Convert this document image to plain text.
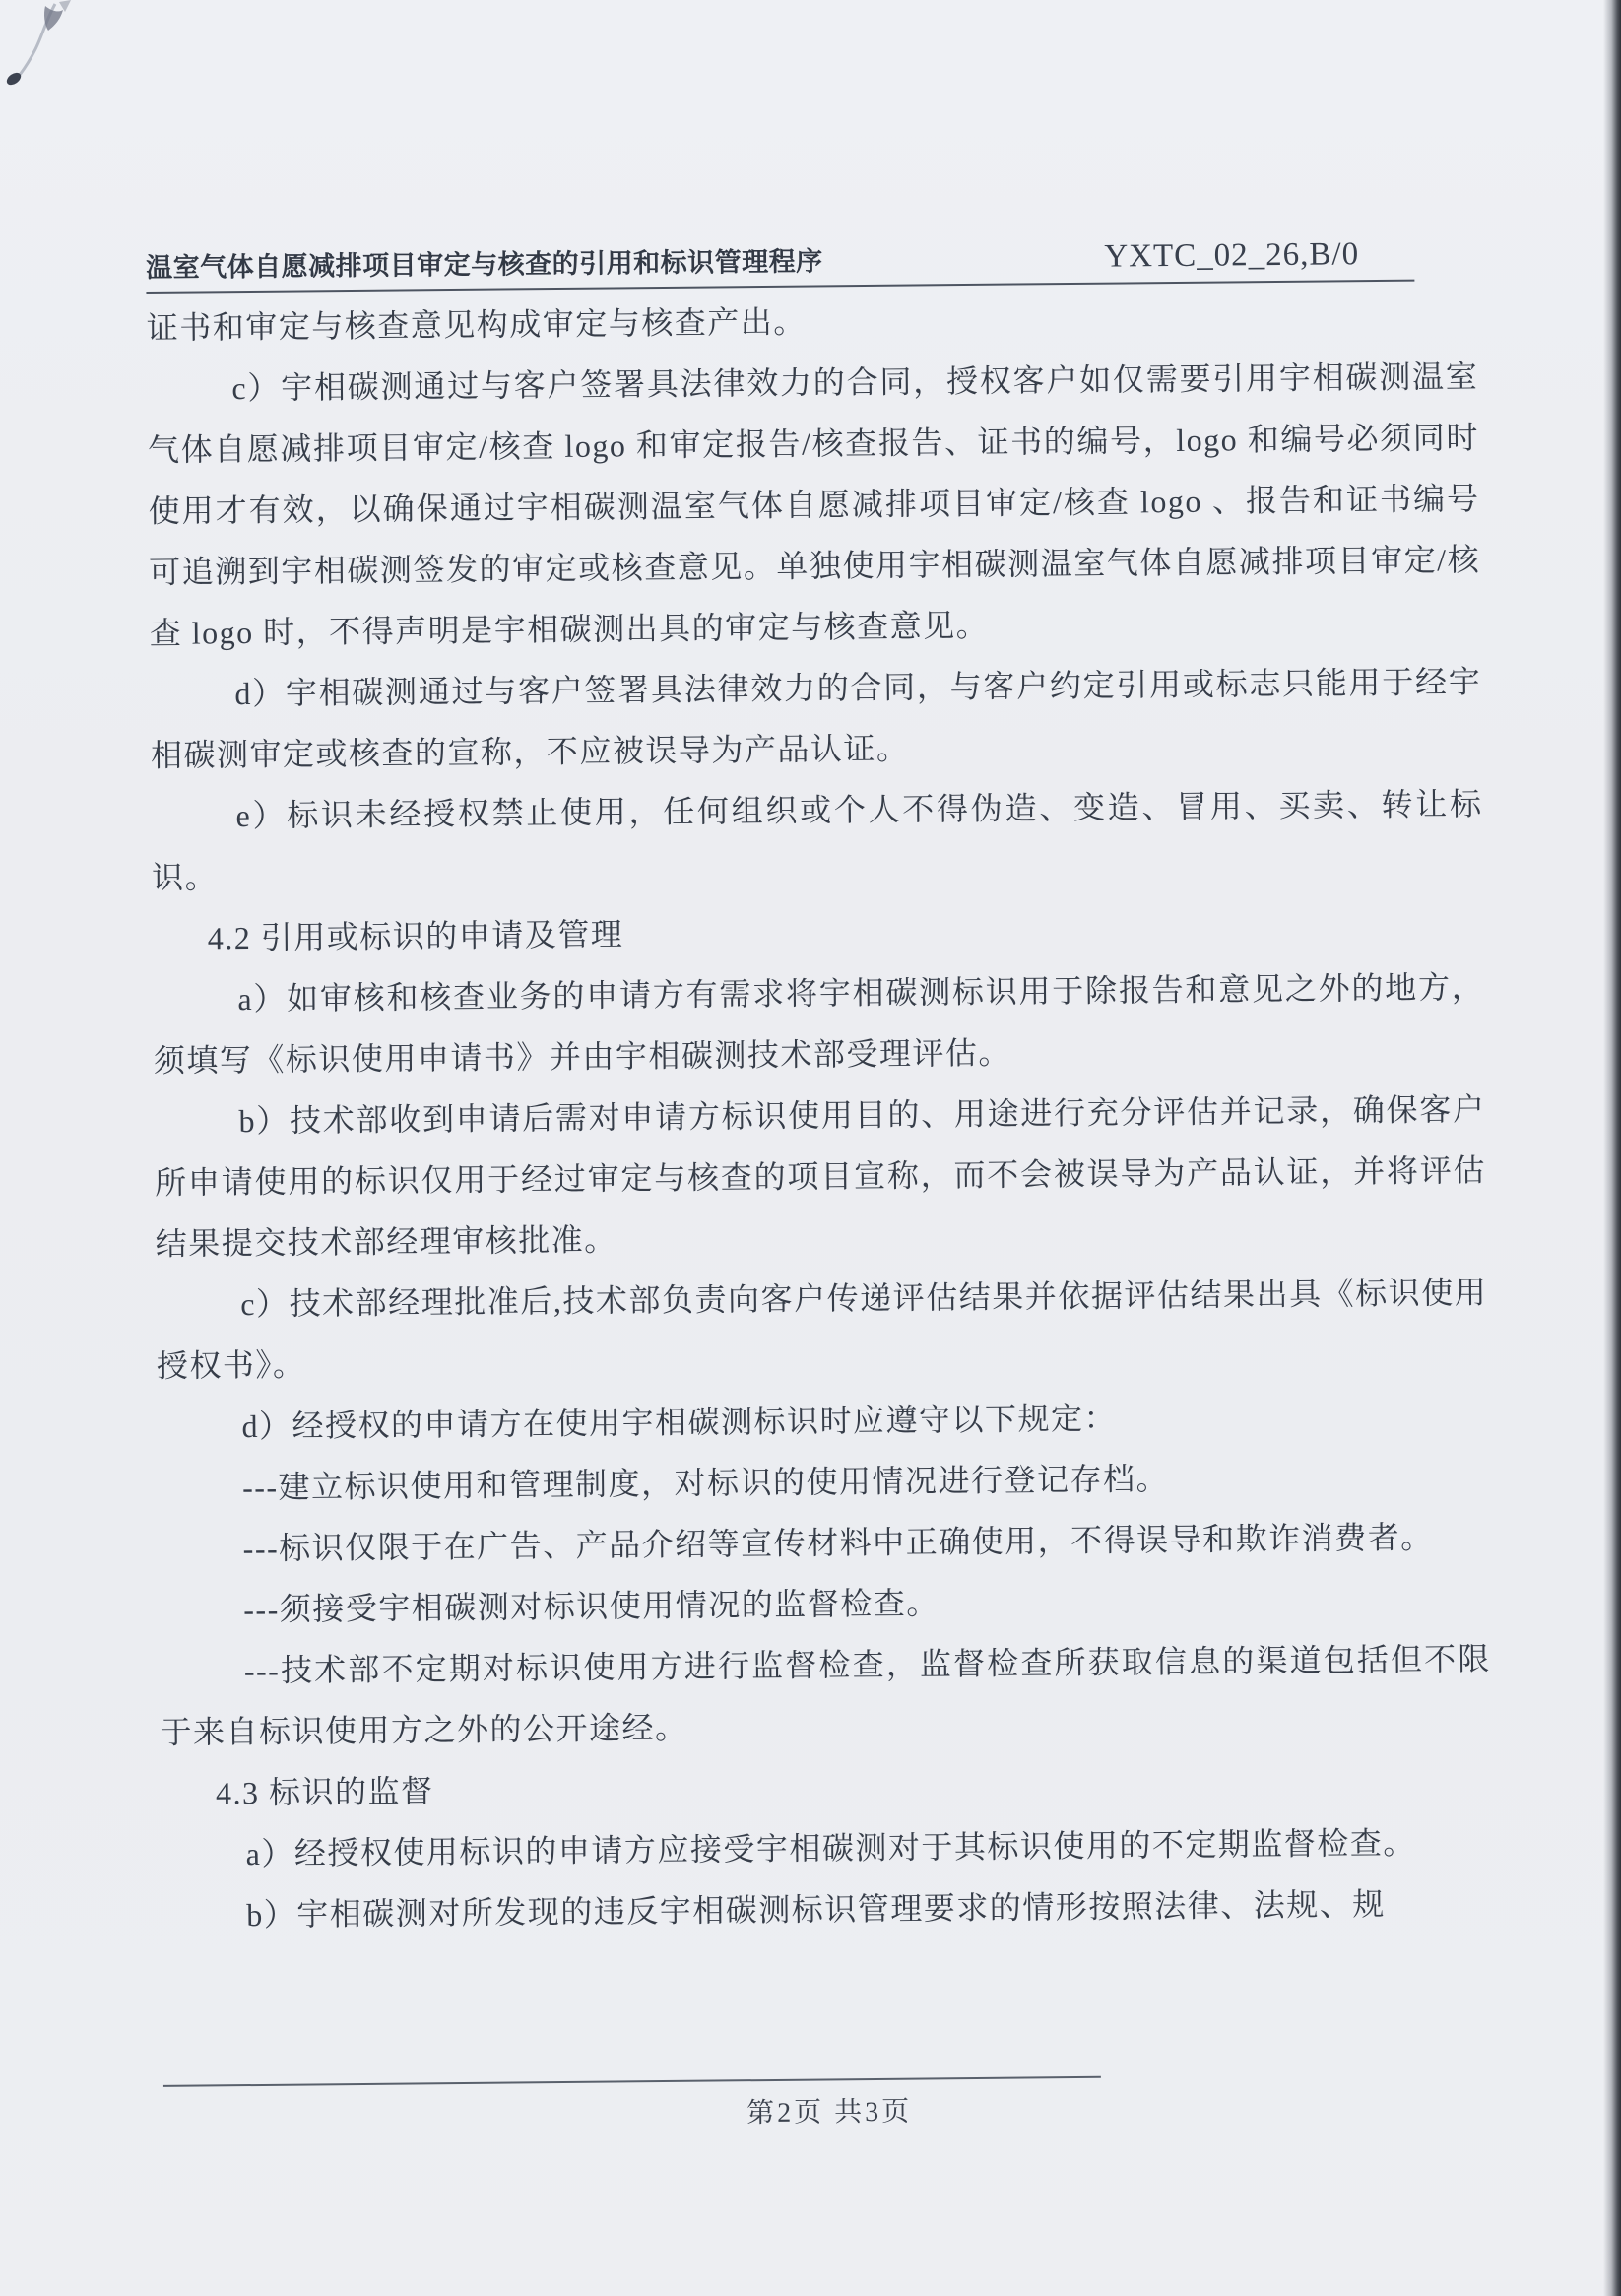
温室气体自愿减排项目审定与核查的引用和标识管理程序	YXTC_02_26,B/0

证书和审定与核查意见构成审定与核查产出。

c）宇相碳测通过与客户签署具法律效力的合同，授权客户如仅需要引用宇相碳测温室气体自愿减排项目审定/核查 logo 和审定报告/核查报告、证书的编号，logo 和编号必须同时使用才有效，以确保通过宇相碳测温室气体自愿减排项目审定/核查 logo 、报告和证书编号可追溯到宇相碳测签发的审定或核查意见。单独使用宇相碳测温室气体自愿减排项目审定/核查 logo 时，不得声明是宇相碳测出具的审定与核查意见。

d）宇相碳测通过与客户签署具法律效力的合同，与客户约定引用或标志只能用于经宇相碳测审定或核查的宣称，不应被误导为产品认证。

e）标识未经授权禁止使用，任何组织或个人不得伪造、变造、冒用、买卖、转让标识。

4.2 引用或标识的申请及管理

a）如审核和核查业务的申请方有需求将宇相碳测标识用于除报告和意见之外的地方，须填写《标识使用申请书》并由宇相碳测技术部受理评估。

b）技术部收到申请后需对申请方标识使用目的、用途进行充分评估并记录，确保客户所申请使用的标识仅用于经过审定与核查的项目宣称，而不会被误导为产品认证，并将评估结果提交技术部经理审核批准。

c）技术部经理批准后,技术部负责向客户传递评估结果并依据评估结果出具《标识使用授权书》。

d）经授权的申请方在使用宇相碳测标识时应遵守以下规定：

---建立标识使用和管理制度，对标识的使用情况进行登记存档。

---标识仅限于在广告、产品介绍等宣传材料中正确使用，不得误导和欺诈消费者。

---须接受宇相碳测对标识使用情况的监督检查。

---技术部不定期对标识使用方进行监督检查，监督检查所获取信息的渠道包括但不限于来自标识使用方之外的公开途经。

4.3 标识的监督

a）经授权使用标识的申请方应接受宇相碳测对于其标识使用的不定期监督检查。

b）宇相碳测对所发现的违反宇相碳测标识管理要求的情形按照法律、法规、规

第2页 共3页
